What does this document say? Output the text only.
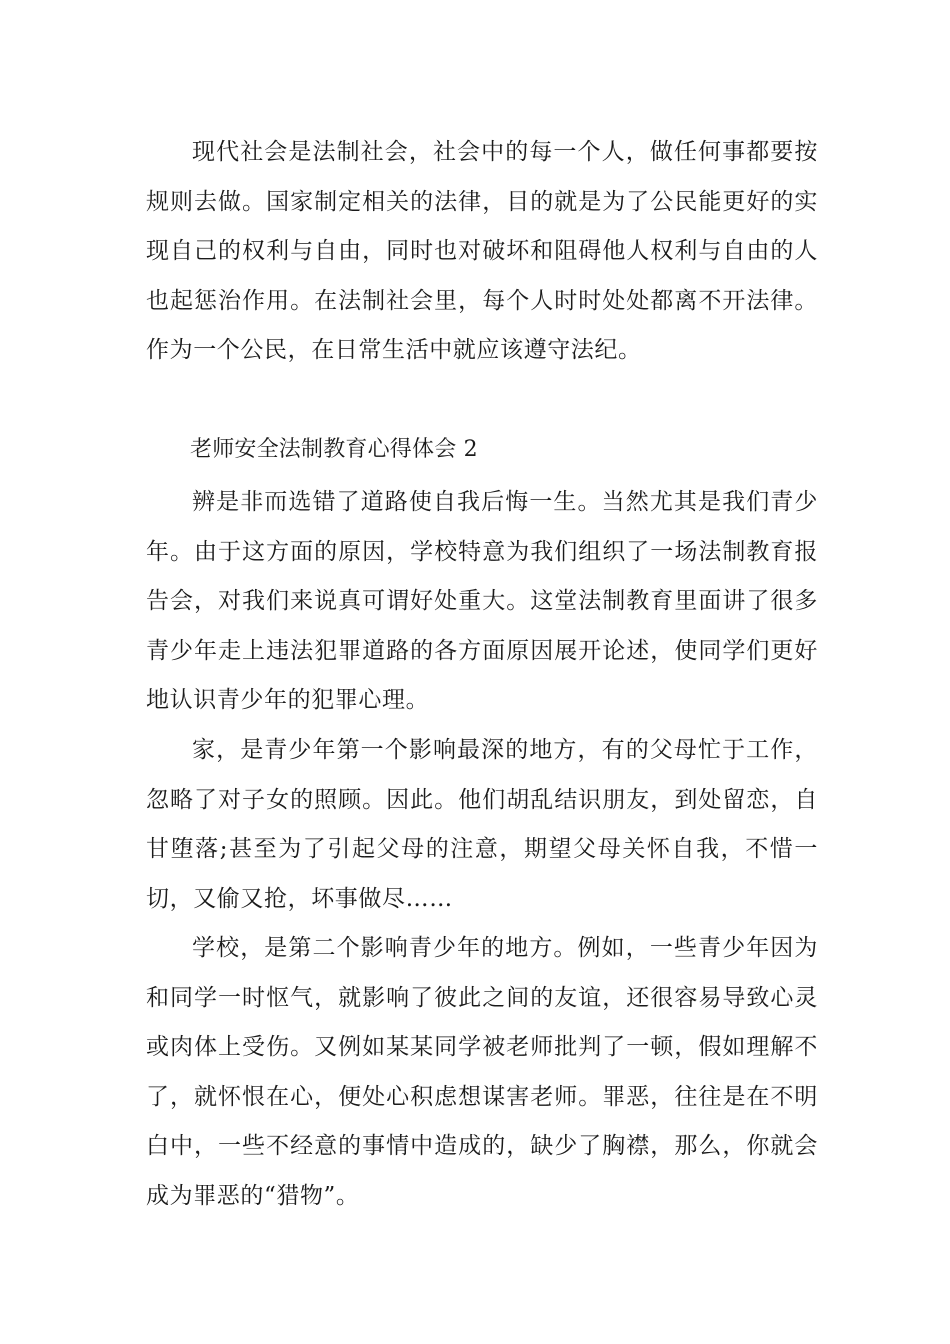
现代社会是法制社会，社会中的每一个人，做任何事都要按规则去做。国家制定相关的法律，目的就是为了公民能更好的实现自己的权利与自由，同时也对破坏和阻碍他人权利与自由的人也起惩治作用。在法制社会里，每个人时时处处都离不开法律。作为一个公民，在日常生活中就应该遵守法纪。

老师安全法制教育心得体会 2

辨是非而选错了道路使自我后悔一生。当然尤其是我们青少年。由于这方面的原因，学校特意为我们组织了一场法制教育报告会，对我们来说真可谓好处重大。这堂法制教育里面讲了很多青少年走上违法犯罪道路的各方面原因展开论述，使同学们更好地认识青少年的犯罪心理。

家，是青少年第一个影响最深的地方，有的父母忙于工作，忽略了对子女的照顾。因此。他们胡乱结识朋友，到处留恋，自甘堕落;甚至为了引起父母的注意，期望父母关怀自我，不惜一切，又偷又抢，坏事做尽……

学校，是第二个影响青少年的地方。例如，一些青少年因为和同学一时怄气，就影响了彼此之间的友谊，还很容易导致心灵或肉体上受伤。又例如某某同学被老师批判了一顿，假如理解不了，就怀恨在心，便处心积虑想谋害老师。罪恶，往往是在不明白中，一些不经意的事情中造成的，缺少了胸襟，那么，你就会成为罪恶的“猎物”。
